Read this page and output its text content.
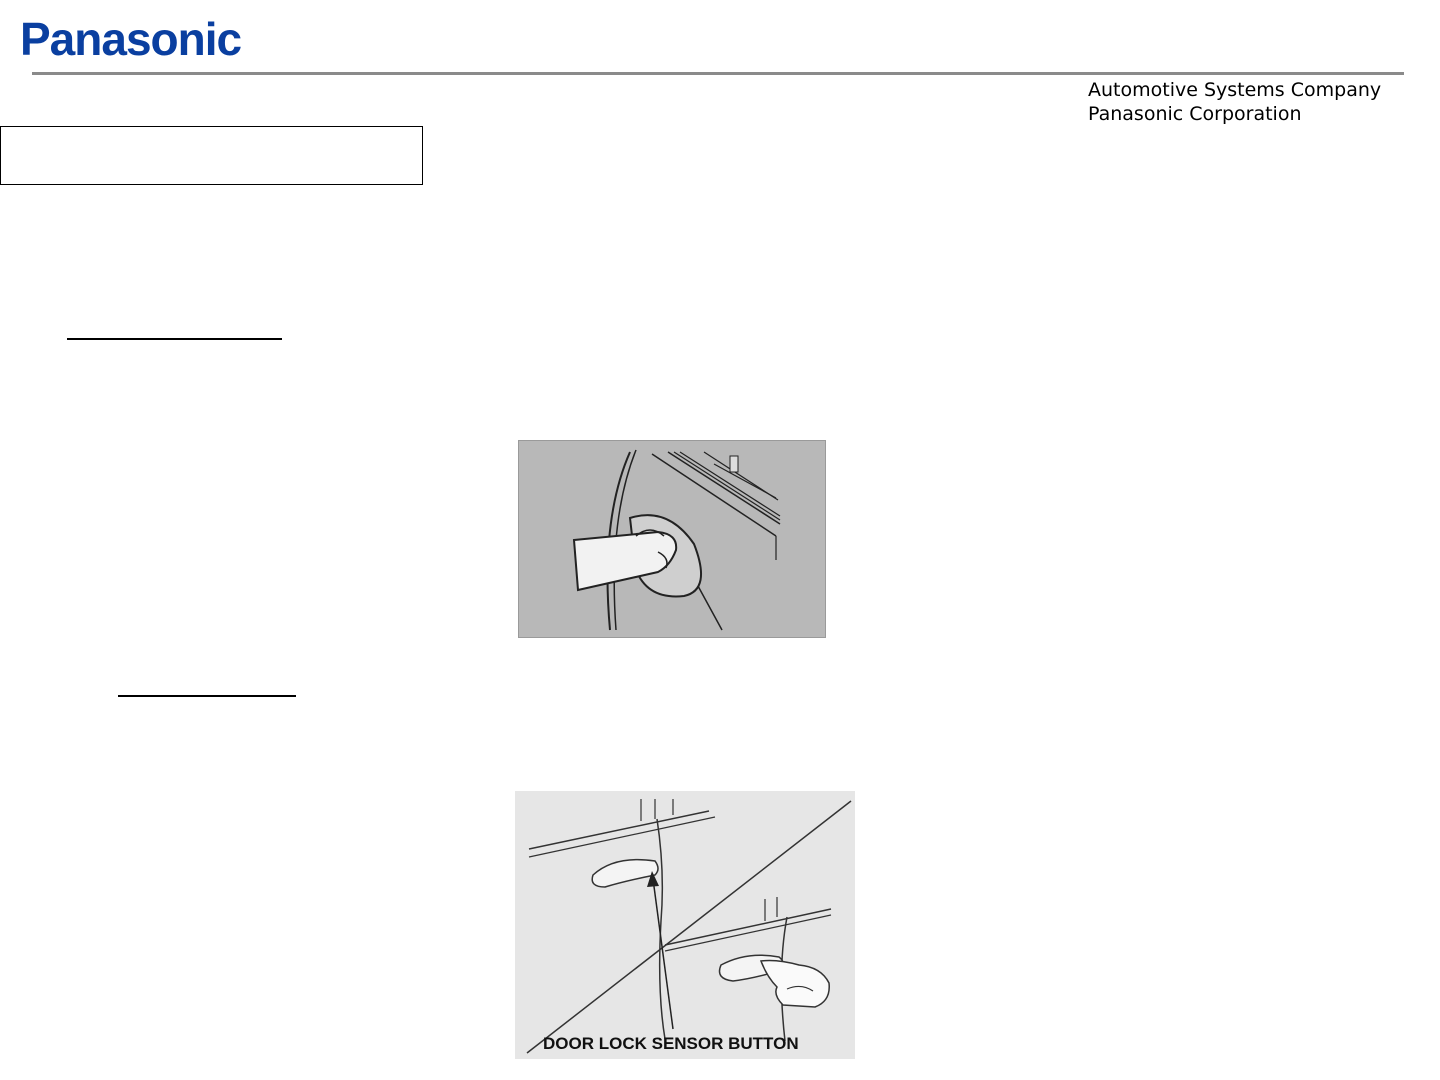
Panasonic
Automotive Systems Company
Panasonic Corporation
DOOR LOCK SENSOR BUTTON
